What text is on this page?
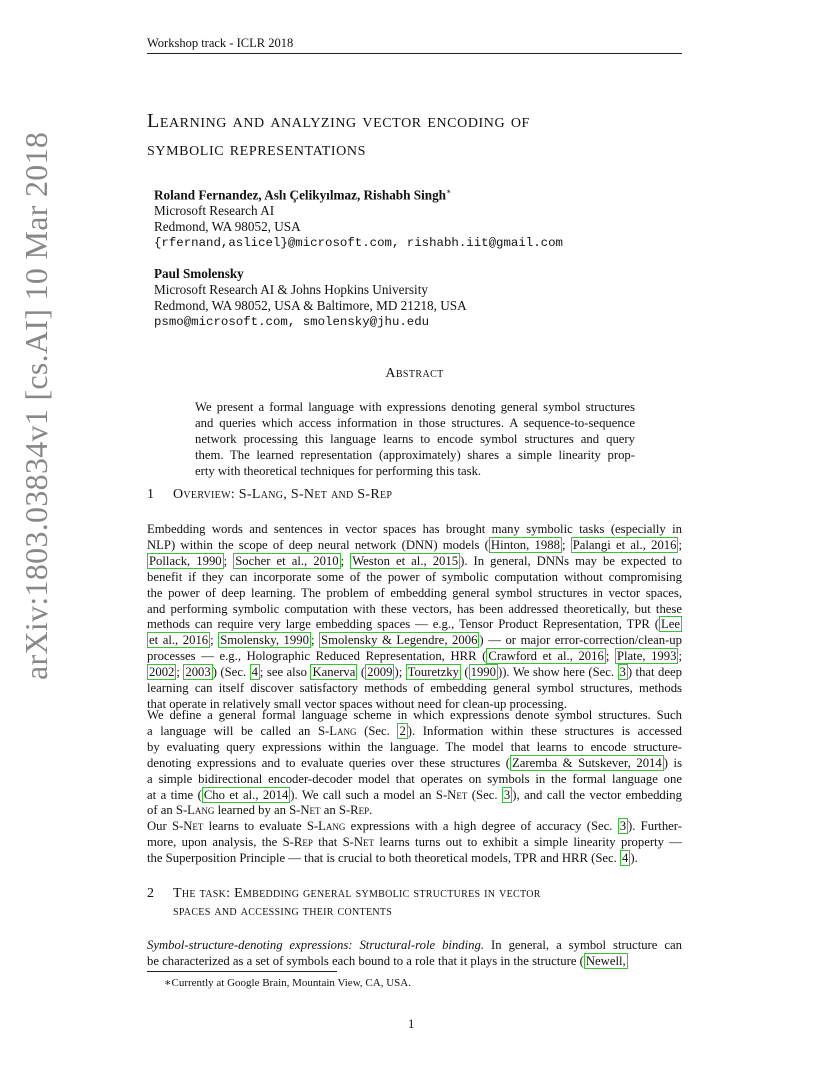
Workshop track - ICLR 2018
arXiv:1803.03834v1 [cs.AI] 10 Mar 2018
Learning and analyzing vector encoding of
symbolic representations
Roland Fernandez, Aslı Çelikyılmaz, Rishabh Singh∗
Microsoft Research AI
Redmond, WA 98052, USA
{rfernand,aslicel}@microsoft.com, rishabh.iit@gmail.com
Paul Smolensky
Microsoft Research AI & Johns Hopkins University
Redmond, WA 98052, USA & Baltimore, MD 21218, USA
psmo@microsoft.com, smolensky@jhu.edu
Abstract
We present a formal language with expressions denoting general symbol structures
and queries which access information in those structures. A sequence-to-sequence
network processing this language learns to encode symbol structures and query
them. The learned representation (approximately) shares a simple linearity prop-
erty with theoretical techniques for performing this task.
1 Overview: S-Lang, S-Net and S-Rep
Embedding words and sentences in vector spaces has brought many symbolic tasks (especially in
NLP) within the scope of deep neural network (DNN) models ( Hinton, 1988 ; Palangi et al., 2016 ;
Pollack, 1990 ; Socher et al., 2010 ; Weston et al., 2015 ). In general, DNNs may be expected to
benefit if they can incorporate some of the power of symbolic computation without compromising
the power of deep learning. The problem of embedding general symbol structures in vector spaces,
and performing symbolic computation with these vectors, has been addressed theoretically, but these
methods can require very large embedding spaces — e.g., Tensor Product Representation, TPR ( Lee
et al., 2016 ; Smolensky, 1990 ; Smolensky & Legendre, 2006 ) — or major error-correction/clean-up
processes — e.g., Holographic Reduced Representation, HRR ( Crawford et al., 2016 ; Plate, 1993 ;
2002 ; 2003 ) (Sec. 4 ; see also Kanerva ( 2009 ); Touretzky ( 1990 )). We show here (Sec. 3 ) that deep
learning can itself discover satisfactory methods of embedding general symbol structures, methods
that operate in relatively small vector spaces without need for clean-up processing.
We define a general formal language scheme in which expressions denote symbol structures. Such
a language will be called an S-Lang (Sec. 2 ). Information within these structures is accessed
by evaluating query expressions within the language. The model that learns to encode structure-
denoting expressions and to evaluate queries over these structures ( Zaremba & Sutskever, 2014 ) is
a simple bidirectional encoder-decoder model that operates on symbols in the formal language one
at a time ( Cho et al., 2014 ). We call such a model an S-Net (Sec. 3 ), and call the vector embedding
of an S-Lang learned by an S-Net an S-Rep.
Our S-Net learns to evaluate S-Lang expressions with a high degree of accuracy (Sec. 3 ). Further-
more, upon analysis, the S-Rep that S-Net learns turns out to exhibit a simple linearity property —
the Superposition Principle — that is crucial to both theoretical models, TPR and HRR (Sec. 4 ).
2 The task: Embedding general symbolic structures in vector
spaces and accessing their contents
Symbol-structure-denoting expressions: Structural-role binding. In general, a symbol structure can
be characterized as a set of symbols each bound to a role that it plays in the structure ( Newell,
∗Currently at Google Brain, Mountain View, CA, USA.
1
